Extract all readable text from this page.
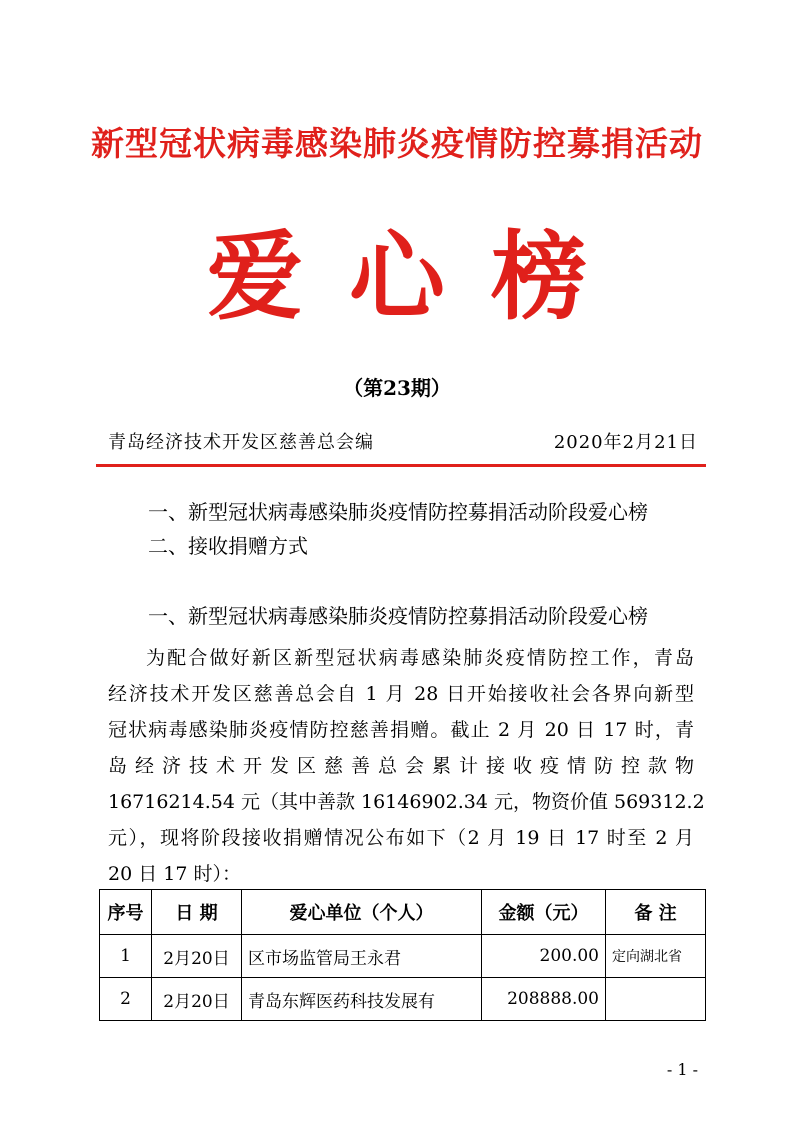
新型冠状病毒感染肺炎疫情防控募捐活动
爱心榜
（第23期）
青岛经济技术开发区慈善总会编	2020年2月21日
一、新型冠状病毒感染肺炎疫情防控募捐活动阶段爱心榜
二、接收捐赠方式
一、新型冠状病毒感染肺炎疫情防控募捐活动阶段爱心榜
为配合做好新区新型冠状病毒感染肺炎疫情防控工作，青岛
经济技术开发区慈善总会自 1 月 28 日开始接收社会各界向新型
冠状病毒感染肺炎疫情防控慈善捐赠。截止 2 月 20 日 17 时，青
岛经济技术开发区慈善总会累计接收疫情防控款物
16716214.54 元（其中善款 16146902.34 元，物资价值 569312.2
元），现将阶段接收捐赠情况公布如下（2 月 19 日 17 时至 2 月
20 日 17 时）：
序号	日 期	爱心单位（个人）	金额（元）	备 注
1	2月20日	区市场监管局王永君	200.00	定向湖北省
2	2月20日	青岛东辉医药科技发展有	208888.00	
- 1 -
